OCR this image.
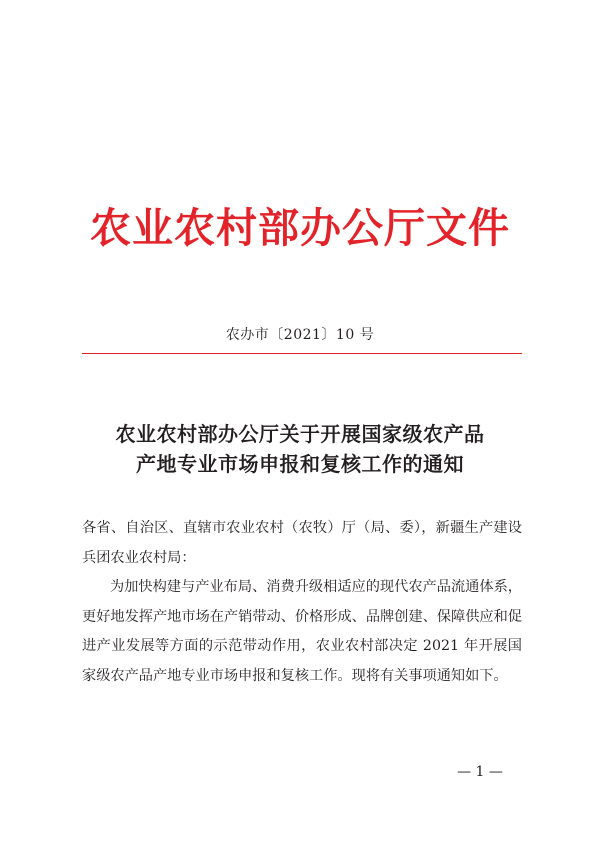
农业农村部办公厅文件
农办市〔2021〕10 号
农业农村部办公厅关于开展国家级农产品
产地专业市场申报和复核工作的通知

各省、自治区、直辖市农业农村（农牧）厅（局、委），新疆生产建设兵团农业农村局：

为加快构建与产业布局、消费升级相适应的现代农产品流通体系，更好地发挥产地市场在产销带动、价格形成、品牌创建、保障供应和促进产业发展等方面的示范带动作用，农业农村部决定 2021 年开展国家级农产品产地专业市场申报和复核工作。现将有关事项通知如下。

— 1 —
